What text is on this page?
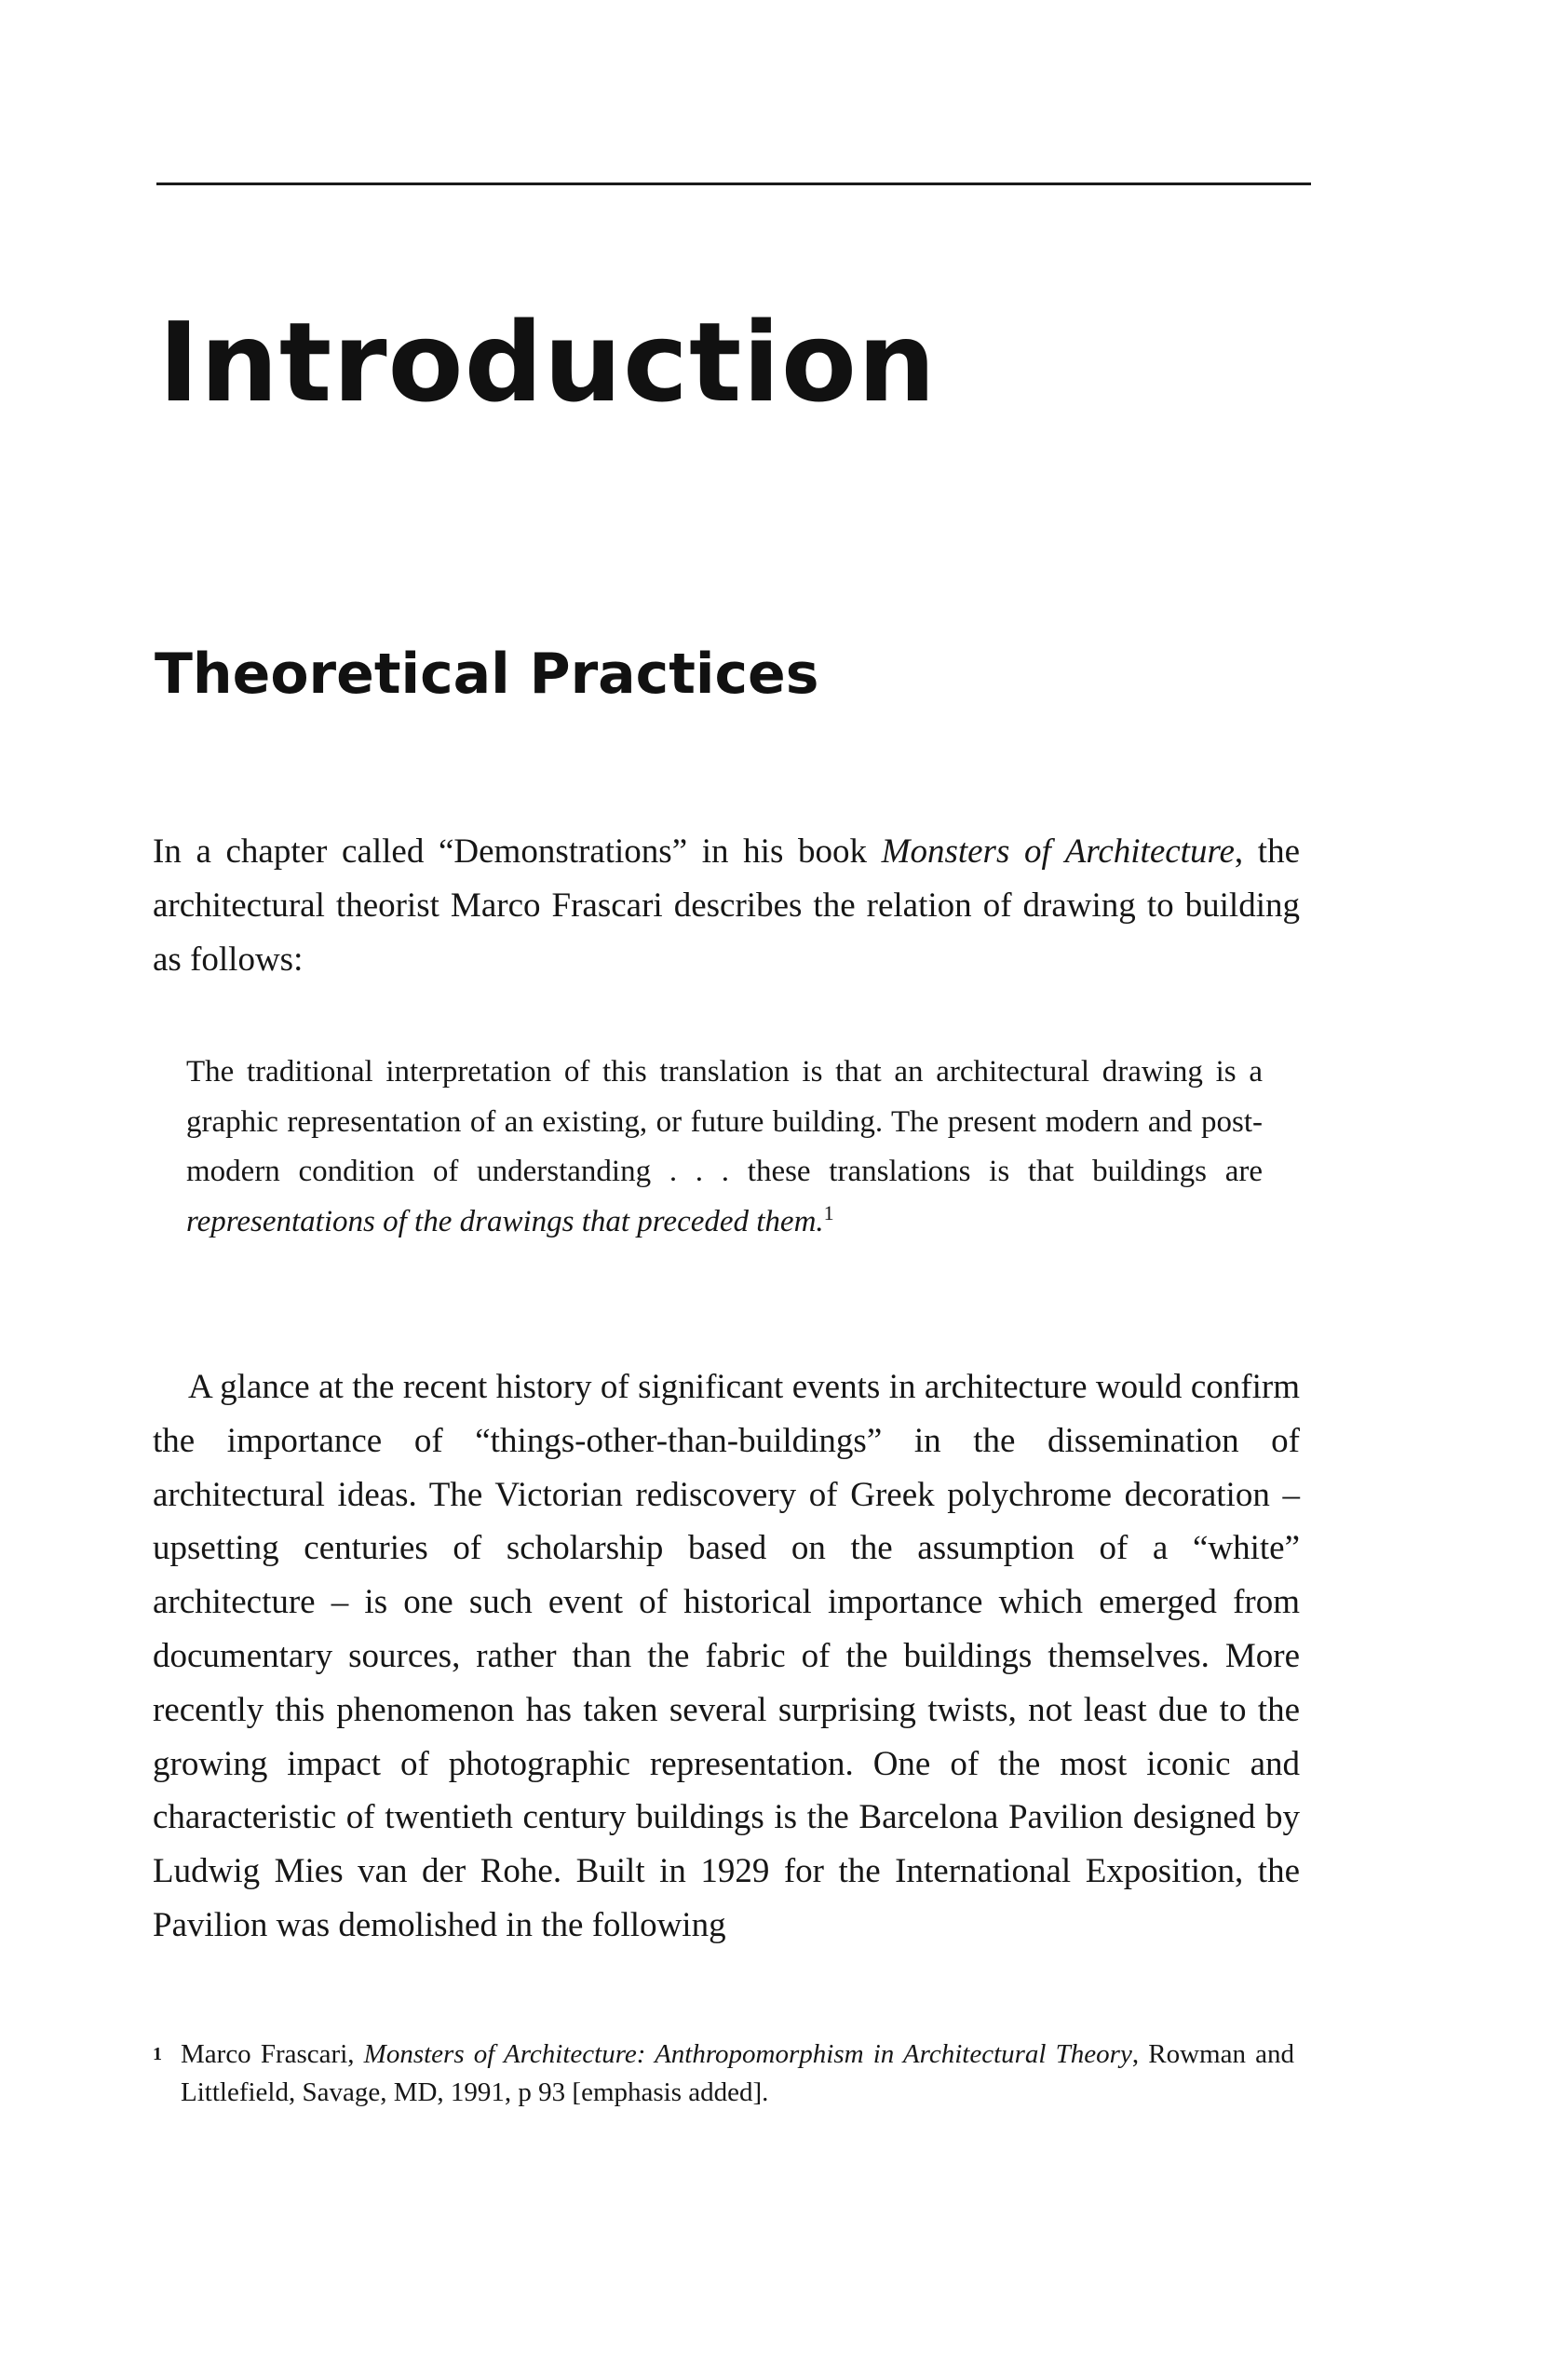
Introduction
Theoretical Practices

In a chapter called “Demonstrations” in his book Monsters of Architecture, the architectural theorist Marco Frascari describes the relation of drawing to building as follows:

The traditional interpretation of this translation is that an architectural drawing is a graphic representation of an existing, or future building. The present modern and post-modern condition of understanding . . . these translations is that buildings are representations of the drawings that preceded them.$^1$

A glance at the recent history of significant events in architecture would confirm the importance of “things-other-than-buildings” in the dissemination of architectural ideas. The Victorian rediscovery of Greek polychrome decoration – upsetting centuries of scholarship based on the assumption of a “white” architecture – is one such event of historical importance which emerged from documentary sources, rather than the fabric of the buildings themselves. More recently this phenomenon has taken several surprising twists, not least due to the growing impact of photographic representation. One of the most iconic and characteristic of twentieth century buildings is the Barcelona Pavilion designed by Ludwig Mies van der Rohe. Built in 1929 for the International Exposition, the Pavilion was demolished in the following

1 Marco Frascari, Monsters of Architecture: Anthropomorphism in Architectural Theory, Rowman and Littlefield, Savage, MD, 1991, p 93 [emphasis added].
